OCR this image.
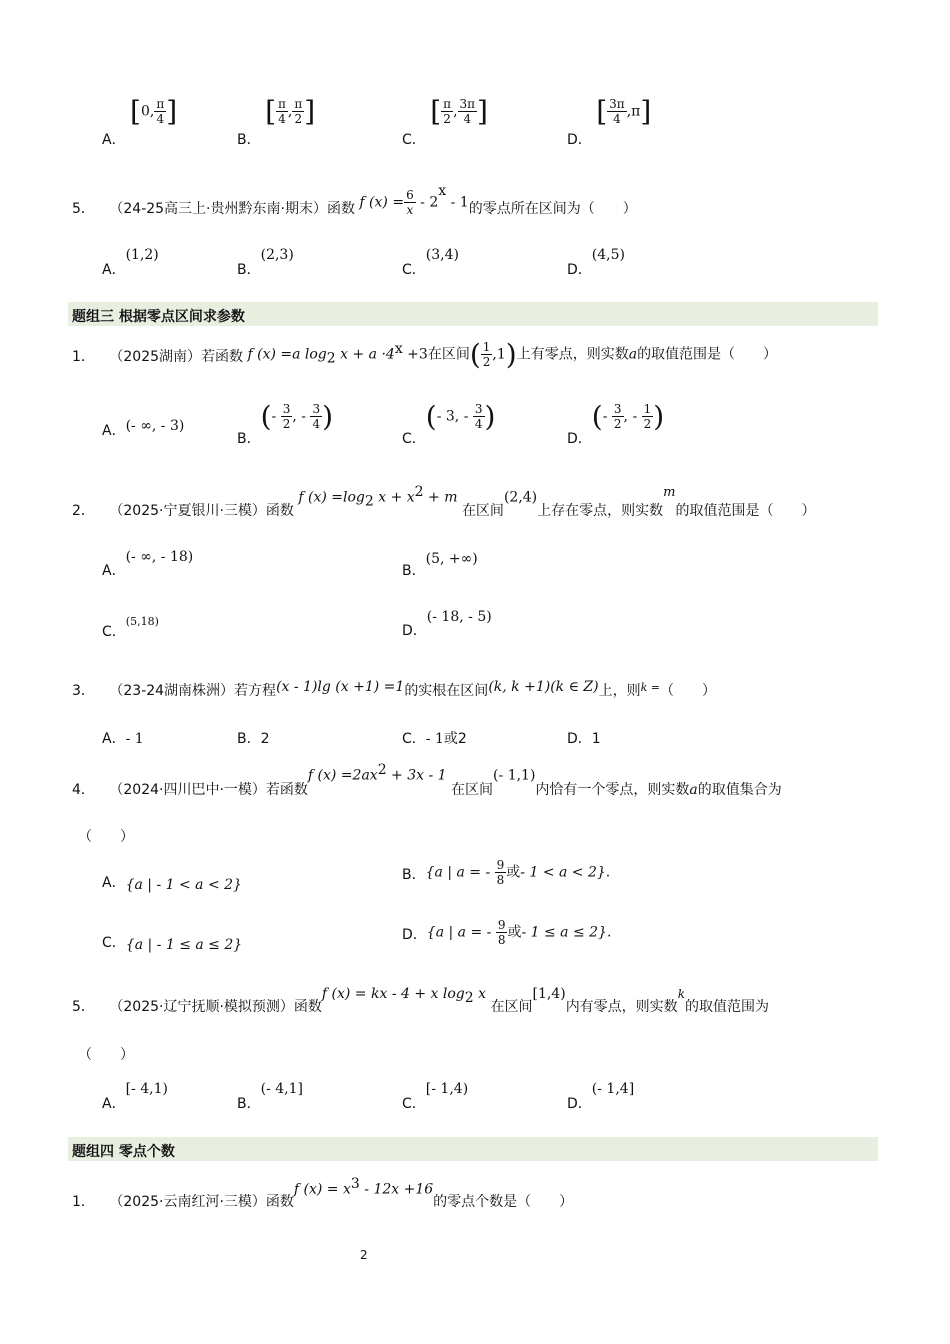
A． [0, $\frac{\pi}{4}$ ]
B． [ $\frac{\pi}{4}$ , $\frac{\pi}{2}$ ]
C． [ $\frac{\pi}{2}$ , $\frac{3\pi}{4}$ ]
D． [ $\frac{3\pi}{4} ,\pi$]
5． （24-25高三上·贵州黔东南·期末）函数 f $(x) = \frac{6}{x} - 2^x - 1$的零点所在区间为（　　）
A．(1,2)
B．(2,3)
C．(3,4)
D．(4,5)
题组三 根据零点区间求参数
1． （2025湖南）若函数 f (x) =a $\log_2 x + a \cdot 4^x +3$在区间( $\frac{1}{2} ,1$)上有零点，则实数a的取值范围是（　　）
A．(- ∞, - 3)
B．(- $\frac{3}{2}$ , - $\frac{3}{4}$ )
C．(- 3, - $\frac{3}{4}$ )
D．(- $\frac{3}{2}$ , - $\frac{1}{2}$ )
2． （2025·宁夏银川·三模）函数 f $(x) =\log_2$ $x + x^2 + m$ 在区间(2,4)上存在零点，则实数$^m$的取值范围是（　　）
A．(- ∞, - 18)
B．(5, +∞)
C．(5,18)
D．(- 18, - 5)
3． （23-24湖南株洲）若方程(x - 1)lg (x +1) =1的实根在区间(k, k +1)(k ∈ Z)上，则k =（　　）
A．- 1	B．2	C．- 1或2	D．1
4． （2024·四川巴中·一模）若函数f $(x) =2ax^2 + 3x - 1$ 在区间(- 1,1)内恰有一个零点，则实数a的取值集合为
（　　）
A．{a | - 1 < a < 2}
B．{a | a = - $\frac{9}{8}$ 或- 1 < a < 2}.
C．{a | - 1 ≤ a ≤ 2}
D．{a | a = - $\frac{9}{8}$ 或- 1 ≤ a ≤ 2}.
5． （2025·辽宁抚顺·模拟预测）函数f (x) = kx - 4 + x $\log_2 x$ 在区间[1,4)内有零点，则实数k的取值范围为
（　　）
A．[- 4,1)
B．(- 4,1]
C．[- 1,4)
D．(- 1,4]
题组四 零点个数
1． （2025·云南红河·三模）函数f $(x) = x^3 - 12x +16$的零点个数是（　　）
2
